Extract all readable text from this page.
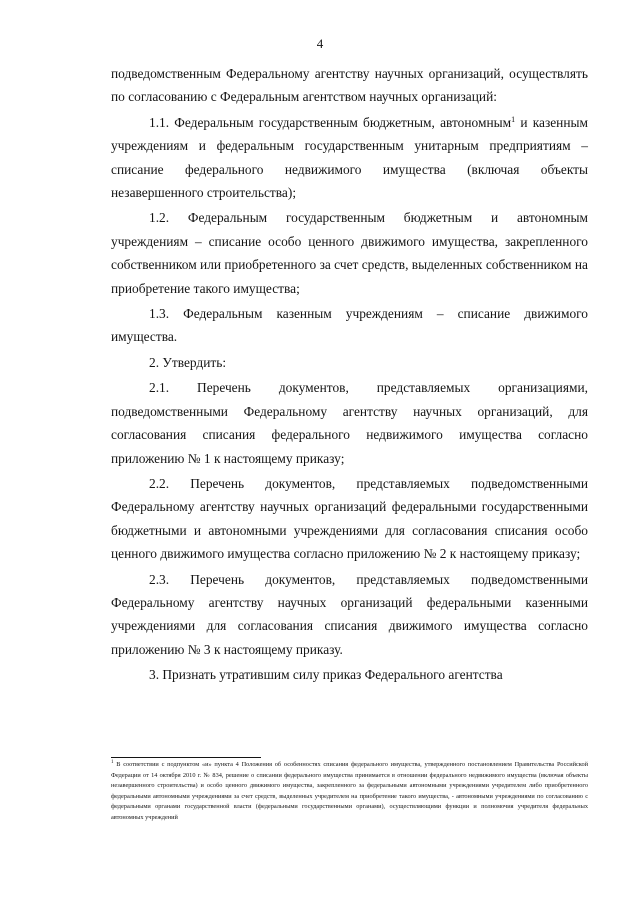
4

подведомственным Федеральному агентству научных организаций, осуществлять по согласованию с Федеральным агентством научных организаций:

1.1. Федеральным государственным бюджетным, автономным$^1$ и казенным учреждениям и федеральным государственным унитарным предприятиям – списание федерального недвижимого имущества (включая объекты незавершенного строительства);

1.2. Федеральным государственным бюджетным и автономным учреждениям – списание особо ценного движимого имущества, закрепленного собственником или приобретенного за счет средств, выделенных собственником на приобретение такого имущества;

1.3. Федеральным казенным учреждениям – списание движимого имущества.

2. Утвердить:

2.1. Перечень документов, представляемых организациями, подведомственными Федеральному агентству научных организаций, для согласования списания федерального недвижимого имущества согласно приложению № 1 к настоящему приказу;

2.2. Перечень документов, представляемых подведомственными Федеральному агентству научных организаций федеральными государственными бюджетными и автономными учреждениями для согласования списания особо ценного движимого имущества согласно приложению № 2 к настоящему приказу;

2.3. Перечень документов, представляемых подведомственными Федеральному агентству научных организаций федеральными казенными учреждениями для согласования списания движимого имущества согласно приложению № 3 к настоящему приказу.

3. Признать утратившим силу приказ Федерального агентства

$^1$ В соответствии с подпунктом «и» пункта 4 Положения об особенностях списания федерального имущества, утвержденного постановлением Правительства Российской Федерации от 14 октября 2010 г. № 834, решение о списании федерального имущества принимается в отношении федерального недвижимого имущества (включая объекты незавершенного строительства) и особо ценного движимого имущества, закрепленного за федеральными автономными учреждениями учредителем либо приобретенного федеральными автономными учреждениями за счет средств, выделенных учредителем на приобретение такого имущества, - автономными учреждениями по согласованию с федеральными органами государственной власти (федеральными государственными органами), осуществляющими функции и полномочия учредителя федеральных автономных учреждений
